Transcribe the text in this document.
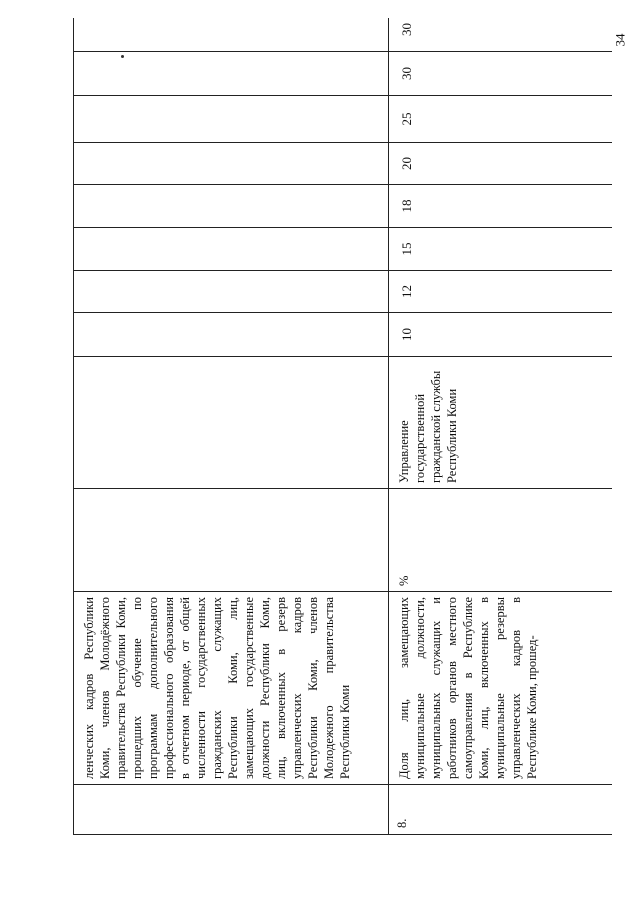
34
ленческих кадров Республики Коми, членов Молодёжного правительства Республики Коми, прошедших обучение по программам дополнительного профессионального образования в отчетном периоде, от общей численности государственных гражданских служащих Республики Коми, лиц, замещающих государственные должности Республики Коми, лиц, включенных в резерв управленческих кадров Республики Коми, членов Молодежного правительства Республики Коми
8.
Доля лиц, замещающих муниципальные должности, муниципальных служащих и работников органов местного самоуправления в Республике Коми, лиц, включенных в муниципальные резервы управленческих кадров в Республике Коми, прошед-
%
Управление государственной гражданской службы Республики Коми
10
12
15
18
20
25
30
30
